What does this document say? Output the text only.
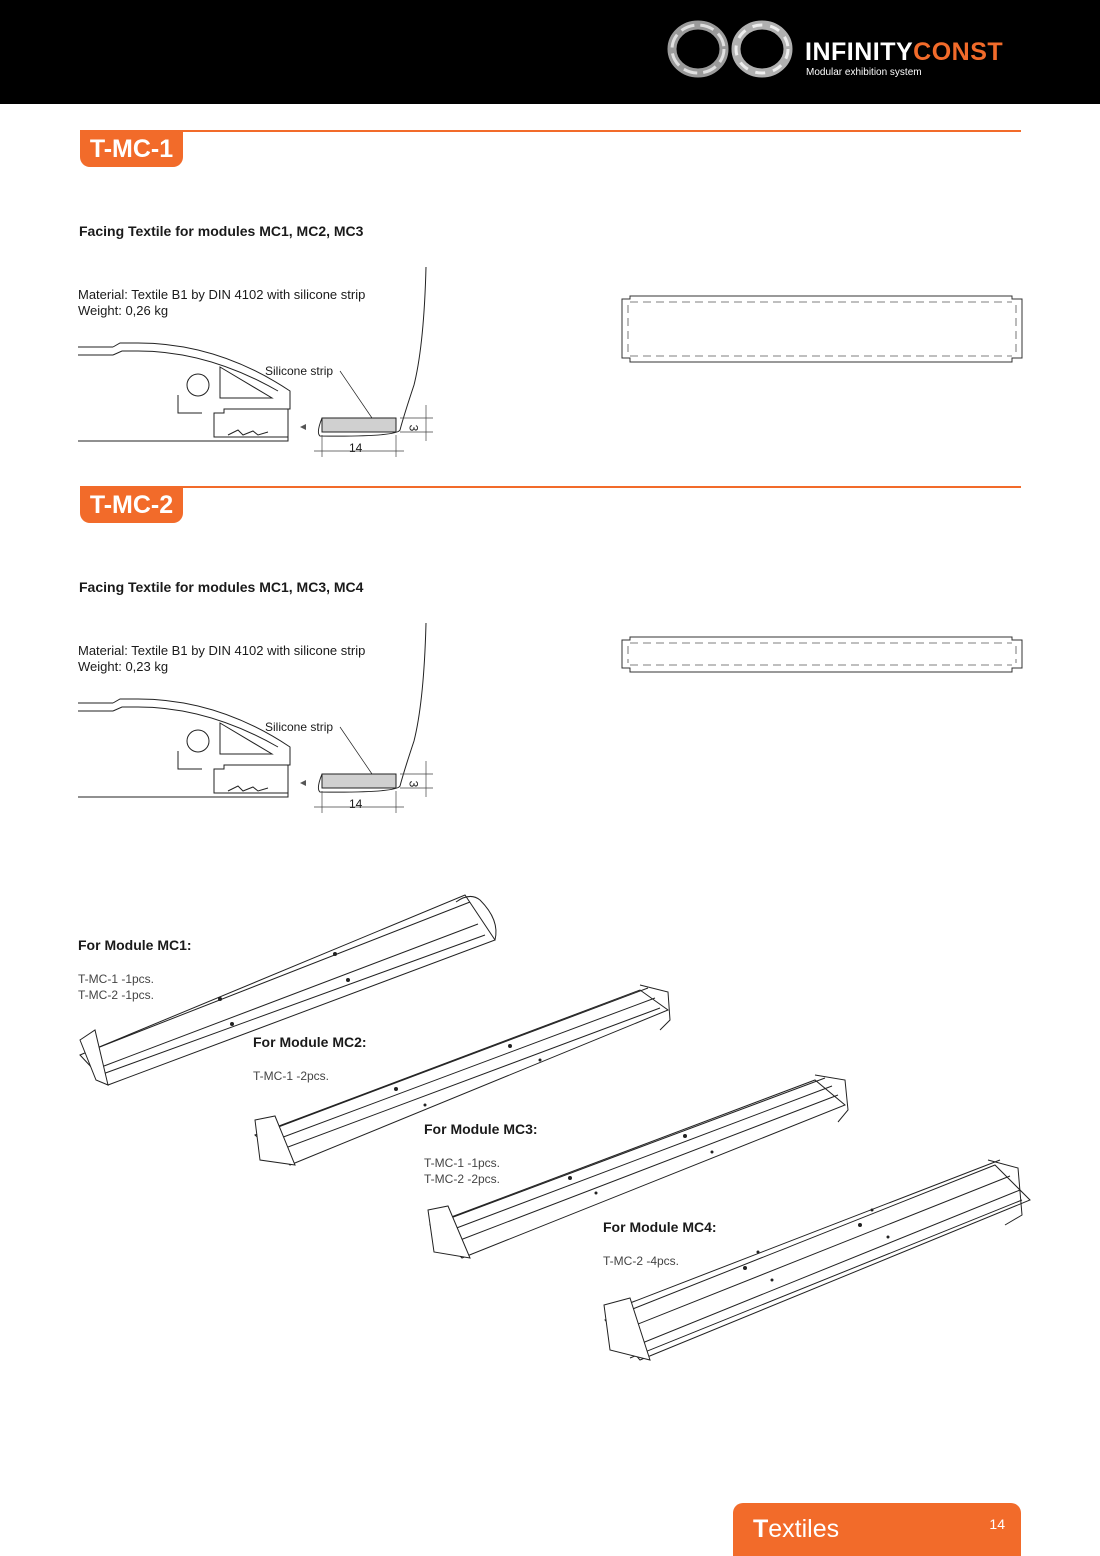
INFINITYCONST
Modular exhibition system
T-MC-1
Facing Textile for modules MC1, MC2, MC3
Material: Textile B1 by DIN 4102 with silicone strip
Weight: 0,26 kg
Silicone strip
14
3
T-MC-2
Facing Textile for modules MC1, MC3, MC4
Material: Textile B1 by DIN 4102 with silicone strip
Weight: 0,23 kg
Silicone strip
14
3
For Module MC1:
T-MC-1 -1pcs.
T-MC-2 -1pcs.
For Module MC2:
T-MC-1 -2pcs.
For Module MC3:
T-MC-1 -1pcs.
T-MC-2 -2pcs.
For Module MC4:
T-MC-2 -4pcs.
Textiles	14
